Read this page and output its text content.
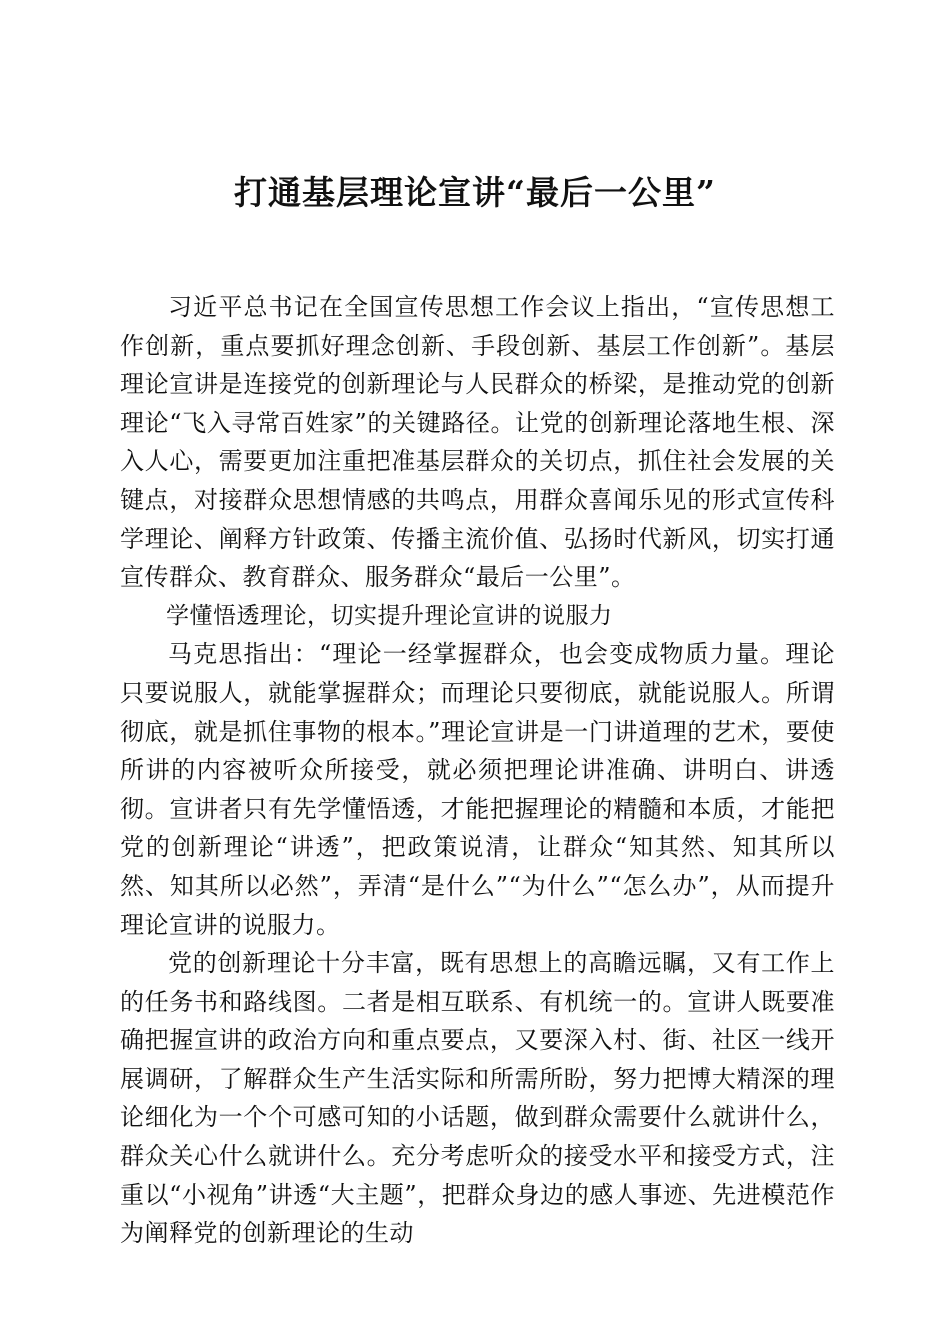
打通基层理论宣讲“最后一公里”

习近平总书记在全国宣传思想工作会议上指出，“宣传思想工作创新，重点要抓好理念创新、手段创新、基层工作创新”。基层理论宣讲是连接党的创新理论与人民群众的桥梁，是推动党的创新理论“飞入寻常百姓家”的关键路径。让党的创新理论落地生根、深入人心，需要更加注重把准基层群众的关切点，抓住社会发展的关键点，对接群众思想情感的共鸣点，用群众喜闻乐见的形式宣传科学理论、阐释方针政策、传播主流价值、弘扬时代新风，切实打通宣传群众、教育群众、服务群众“最后一公里”。

学懂悟透理论，切实提升理论宣讲的说服力

马克思指出：“理论一经掌握群众，也会变成物质力量。理论只要说服人，就能掌握群众；而理论只要彻底，就能说服人。所谓彻底，就是抓住事物的根本。”理论宣讲是一门讲道理的艺术，要使所讲的内容被听众所接受，就必须把理论讲准确、讲明白、讲透彻。宣讲者只有先学懂悟透，才能把握理论的精髓和本质，才能把党的创新理论“讲透”，把政策说清，让群众“知其然、知其所以然、知其所以必然”，弄清“是什么”“为什么”“怎么办”，从而提升理论宣讲的说服力。

党的创新理论十分丰富，既有思想上的高瞻远瞩，又有工作上的任务书和路线图。二者是相互联系、有机统一的。宣讲人既要准确把握宣讲的政治方向和重点要点，又要深入村、街、社区一线开展调研，了解群众生产生活实际和所需所盼，努力把博大精深的理论细化为一个个可感可知的小话题，做到群众需要什么就讲什么，群众关心什么就讲什么。充分考虑听众的接受水平和接受方式，注重以“小视角”讲透“大主题”，把群众身边的感人事迹、先进模范作为阐释党的创新理论的生动
